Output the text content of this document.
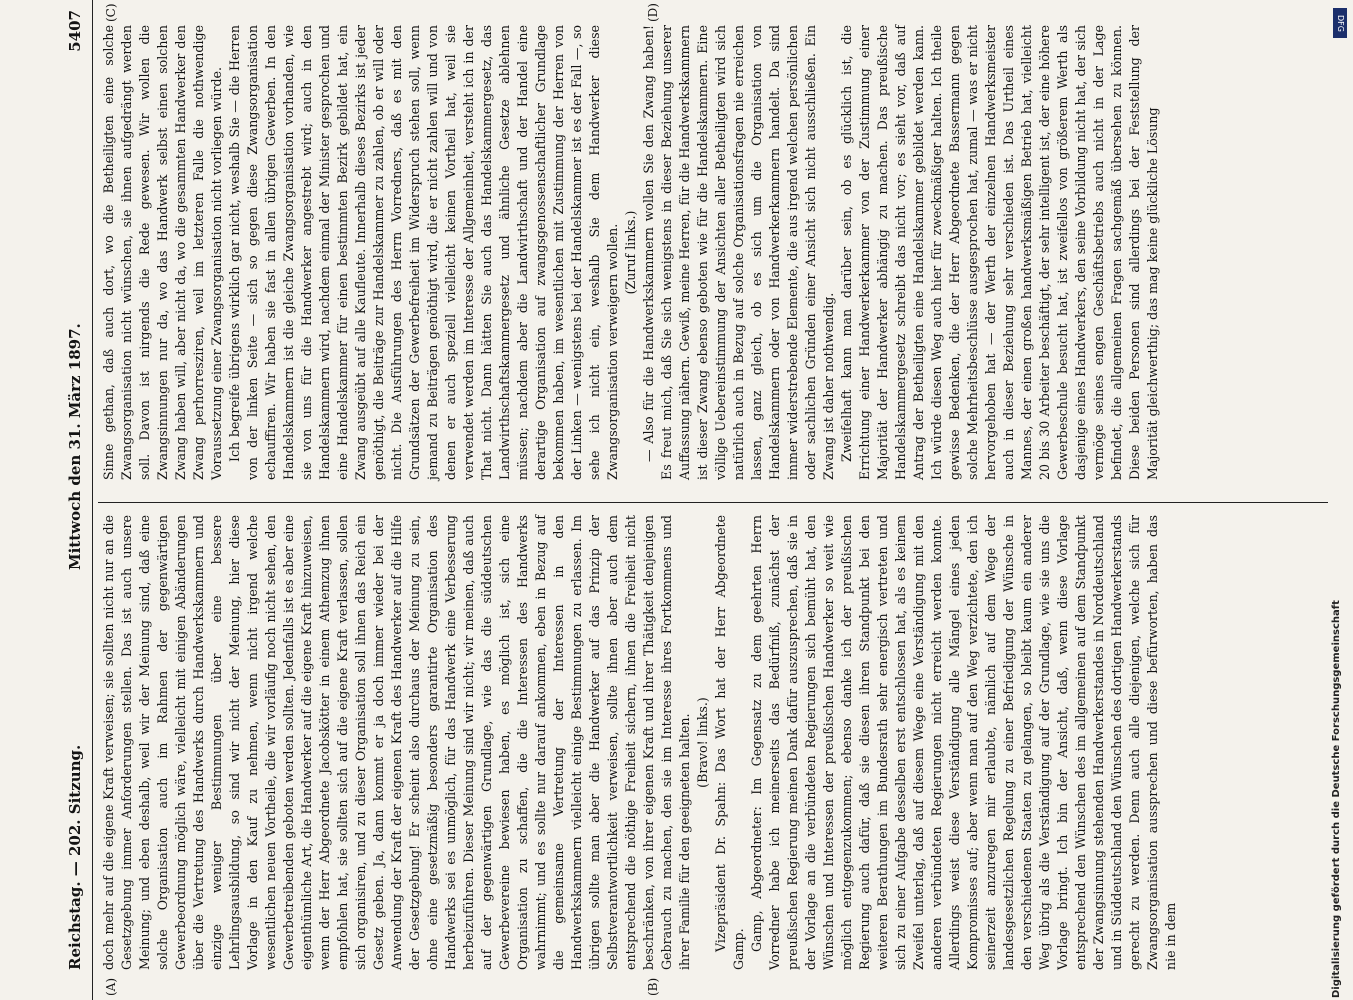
Reichstag. — 202. Sitzung.
Mittwoch den 31. März 1897.
5407
(A)	(B)
(C)	(D)

doch mehr auf die eigene Kraft verweisen; sie sollten nicht nur an die Gesetzgebung immer Anforderungen stellen. Das ist auch unsere Meinung; und eben deshalb, weil wir der Meinung sind, daß eine solche Organisation auch im Rahmen der gegenwärtigen Gewerbeordnung möglich wäre, vielleicht mit einigen Abänderungen über die Vertretung des Handwerks durch Handwerkskammern und einzige weniger Bestimmungen über eine bessere Lehrlingsausbildung, so sind wir nicht der Meinung, hier diese Vorlage in den Kauf zu nehmen, wenn nicht irgend welche wesentlichen neuen Vortheile, die wir vorläufig noch nicht sehen, den Gewerbetreibenden geboten werden sollten. Jedenfalls ist es aber eine eigenthümliche Art, die Handwerker auf die eigene Kraft hinzuweisen, wenn der Herr Abgeordnete Jacobskötter in einem Athemzug ihnen empfohlen hat, sie sollten sich auf die eigene Kraft verlassen, sollen sich organisiren, und zu dieser Organisation soll ihnen das Reich ein Gesetz geben. Ja, dann kommt er ja doch immer wieder bei der Anwendung der Kraft der eigenen Kraft des Handwerker auf die Hilfe der Gesetzgebung! Er scheint also durchaus der Meinung zu sein, ohne eine gesetzmäßig besonders garantirte Organisation des Handwerks sei es unmöglich, für das Handwerk eine Verbesserung herbeizuführen. Dieser Meinung sind wir nicht; wir meinen, daß auch auf der gegenwärtigen Grundlage, wie das die süddeutschen Gewerbevereine bewiesen haben, es möglich ist, sich eine Organisation zu schaffen, die die Interessen des Handwerks wahrnimmt; und es sollte nur darauf ankommen, eben in Bezug auf die gemeinsame Vertretung der Interessen in den Handwerkskammern vielleicht einige Bestimmungen zu erlassen. Im übrigen sollte man aber die Handwerker auf das Prinzip der Selbstverantwortlichkeit verweisen, sollte ihnen aber auch dem entsprechend die nöthige Freiheit sichern, ihnen die Freiheit nicht beschränken, von ihrer eigenen Kraft und ihrer Thätigkeit denjenigen Gebrauch zu machen, den sie im Interesse ihres Fortkommens und ihrer Familie für den geeigneten halten. (Bravo! links.) Vizepräsident Dr. Spahn: Das Wort hat der Herr Abgeordnete Gamp. Gamp, Abgeordneter: Im Gegensatz zu dem geehrten Herrn Vorredner habe ich meinerseits das Bedürfniß, zunächst der preußischen Regierung meinen Dank dafür auszusprechen, daß sie in der Vorlage an die verbündeten Regierungen sich bemüht hat, den Wünschen und Interessen der preußischen Handwerker so weit wie möglich entgegenzukommen; ebenso danke ich der preußischen Regierung auch dafür, daß sie diesen ihren Standpunkt bei den weiteren Berathungen im Bundesrath sehr energisch vertreten und sich zu einer Aufgabe desselben erst entschlossen hat, als es keinem Zweifel unterlag, daß auf diesem Wege eine Verständigung mit den anderen verbündeten Regierungen nicht erreicht werden konnte. Allerdings weist diese Verständigung alle Mängel eines jeden Kompromisses auf; aber wenn man auf den Weg verzichtete, den ich seinerzeit anzuregen mir erlaubte, nämlich auf dem Wege der landesgesetzlichen Regelung zu einer Befriedigung der Wünsche in den verschiedenen Staaten zu gelangen, so bleibt kaum ein anderer Weg übrig als die Verständigung auf der Grundlage, wie sie uns die Vorlage bringt. Ich bin der Ansicht, daß, wenn diese Vorlage entsprechend den Wünschen des im allgemeinen auf dem Standpunkt der Zwangsinnung stehenden Handwerkerstandes in Norddeutschland und in Süddeutschland den Wünschen des dortigen Handwerkerstands gerecht zu werden. Denn auch alle diejenigen, welche sich für Zwangsorganisation aussprechen und diese befürworten, haben das nie in dem

Sinne gethan, daß auch dort, wo die Betheiligten eine solche Zwangsorganisation nicht wünschen, sie ihnen aufgedrängt werden soll. Davon ist nirgends die Rede gewesen. Wir wollen die Zwangsinnungen nur da, wo das Handwerk selbst einen solchen Zwang haben will, aber nicht da, wo die gesammten Handwerker den Zwang perhorresziren, weil im letzteren Falle die nothwendige Voraussetzung einer Zwangsorganisation nicht vorliegen würde. Ich begreife übrigens wirklich gar nicht, weshalb Sie — die Herren von der linken Seite — sich so gegen diese Zwangsorganisation echauffiren. Wir haben sie fast in allen übrigen Gewerben. In den Handelskammern ist die gleiche Zwangsorganisation vorhanden, wie sie von uns für die Handwerker angestrebt wird; auch in den Handelskammern wird, nachdem einmal der Minister gesprochen und eine Handelskammer für einen bestimmten Bezirk gebildet hat, ein Zwang ausgeübt auf alle Kaufleute. Innerhalb dieses Bezirks ist jeder genöthigt, die Beiträge zur Handelskammer zu zahlen, ob er will oder nicht. Die Ausführungen des Herrn Vorredners, daß es mit den Grundsätzen der Gewerbefreiheit im Widerspruch stehen soll, wenn jemand zu Beiträgen genöthigt wird, die er nicht zahlen will und von denen er auch speziell vielleicht keinen Vortheil hat, weil sie verwendet werden im Interesse der Allgemeinheit, versteht ich in der That nicht. Dann hätten Sie auch das Handelskammergesetz, das Landwirthschaftskammergesetz und ähnliche Gesetze ablehnen müssen; nachdem aber die Landwirthschaft und der Handel eine derartige Organisation auf zwangsgenossenschaftlicher Grundlage bekommen haben, im wesentlichen mit Zustimmung der Herren von der Linken — wenigstens bei der Handelskammer ist es der Fall —, so sehe ich nicht ein, weshalb Sie dem Handwerker diese Zwangsorganisation verweigern wollen. (Zuruf links.) — Also für die Handwerkskammern wollen Sie den Zwang haben! Es freut mich, daß Sie sich wenigstens in dieser Beziehung unserer Auffassung nähern. Gewiß, meine Herren, für die Handwerkskammern ist dieser Zwang ebenso geboten wie für die Handelskammern. Eine völlige Uebereinstimmung der Ansichten aller Betheiligten wird sich natürlich auch in Bezug auf solche Organisationsfragen nie erreichen lassen, ganz gleich, ob es sich um die Organisation von Handelskammern oder von Handwerkerkammern handelt. Da sind immer widerstrebende Elemente, die aus irgend welchen persönlichen oder sachlichen Gründen einer Ansicht sich nicht ausschließen. Ein Zwang ist daher nothwendig. Zweifelhaft kann man darüber sein, ob es glücklich ist, die Errichtung einer Handwerkerkammer von der Zustimmung einer Majorität der Handwerker abhängig zu machen. Das preußische Handelskammergesetz schreibt das nicht vor; es sieht vor, daß auf Antrag der Betheiligten eine Handelskammer gebildet werden kann. Ich würde diesen Weg auch hier für zweckmäßiger halten. Ich theile gewisse Bedenken, die der Herr Abgeordnete Bassermann gegen solche Mehrheitsbeschlüsse ausgesprochen hat, zumal — was er nicht hervorgehoben hat — der Werth der einzelnen Handwerksmeister auch in dieser Beziehung sehr verschieden ist. Das Urtheil eines Mannes, der einen großen handwerksmäßigen Betrieb hat, vielleicht 20 bis 30 Arbeiter beschäftigt, der sehr intelligent ist, der eine höhere Gewerbeschule besucht hat, ist zweifellos von größerem Werth als dasjenige eines Handwerkers, den seine Vorbildung nicht hat, der sich vermöge seines engen Geschäftsbetriebs auch nicht in der Lage befindet, die allgemeinen Fragen sachgemäß übersehen zu können. Diese beiden Personen sind allerdings bei der Feststellung der Majorität gleichwerthig; das mag keine glückliche Lösung

DFG
Digitalisierung gefördert durch die Deutsche Forschungsgemeinschaft
